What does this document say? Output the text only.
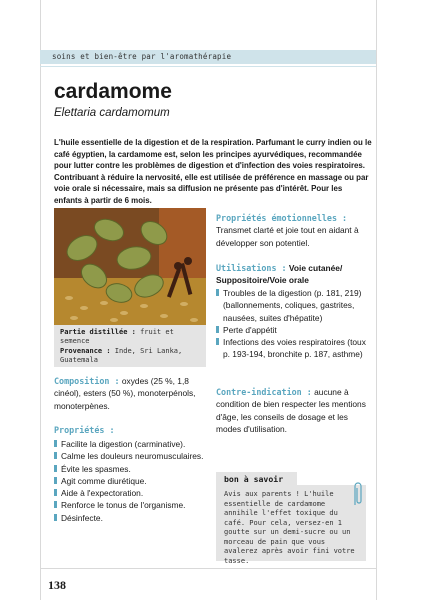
soins et bien-être par l'aromathérapie
cardamome
Elettaria cardamomum
L'huile essentielle de la digestion et de la respiration. Parfumant le curry indien ou le café égyptien, la cardamome est, selon les principes ayurvédiques, recommandée pour lutter contre les problèmes de digestion et d'infection des voies respiratoires. Contribuant à réduire la nervosité, elle est utilisée de préférence en massage ou par voie orale si nécessaire, mais sa diffusion ne présente pas d'intérêt. Pour les enfants à partir de 6 mois.
Partie distillée : fruit et semence
Provenance : Inde, Sri Lanka, Guatemala
Composition : oxydes (25 %, 1,8 cinéol), esters (50 %), monoterpénols, monoterpènes.
Propriétés :
Facilite la digestion (carminative).
Calme les douleurs neuromusculaires.
Évite les spasmes.
Agit comme diurétique.
Aide à l'expectoration.
Renforce le tonus de l'organisme.
Désinfecte.
Propriétés émotionnelles :
Transmet clarté et joie tout en aidant à développer son potentiel.
Utilisations : Voie cutanée/ Suppositoire/Voie orale
Troubles de la digestion (p. 181, 219) (ballonnements, coliques, gastrites, nausées, suites d'hépatite)
Perte d'appétit
Infections des voies respiratoires (toux p. 193-194, bronchite p. 187, asthme)
Contre-indication : aucune à condition de bien respecter les mentions d'âge, les conseils de dosage et les modes d'utilisation.
bon à savoir
Avis aux parents ! L'huile essentielle de cardamome annihile l'effet toxique du café. Pour cela, versez-en 1 goutte sur un demi-sucre ou un morceau de pain que vous avalerez après avoir fini votre tasse.
138
